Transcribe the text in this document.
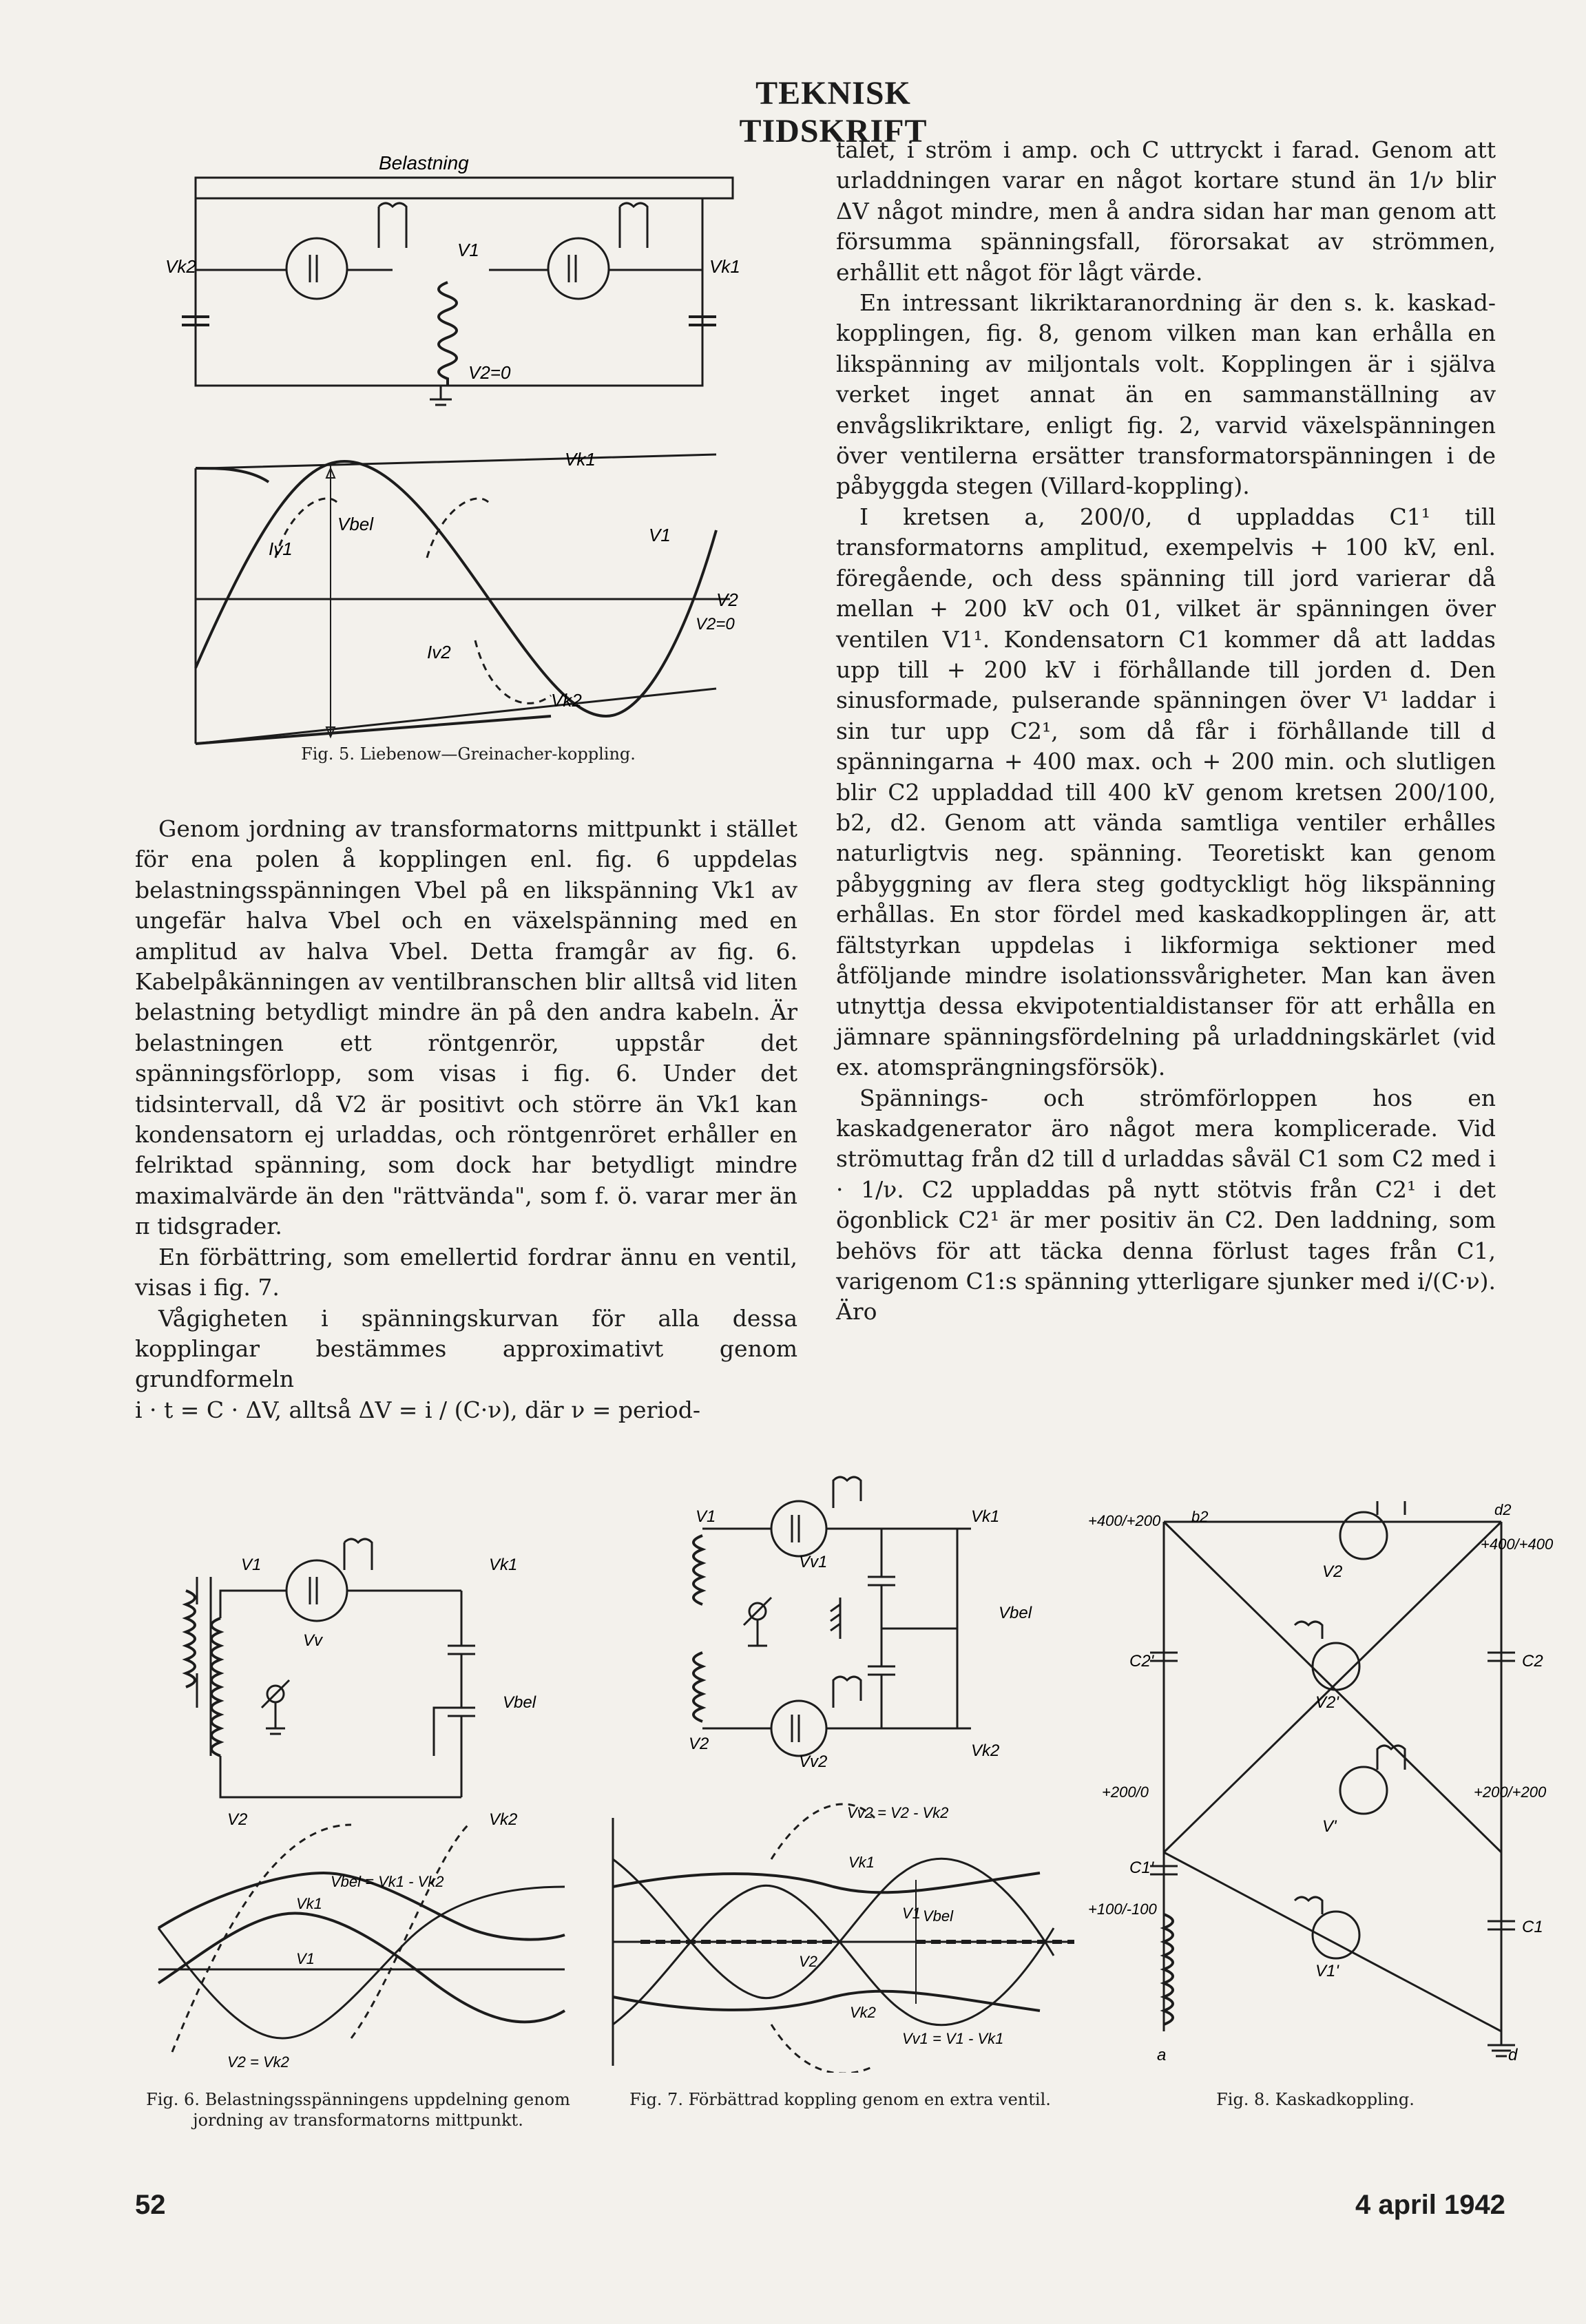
TEKNISK TIDSKRIFT
Belastning
Vk2	Vk1
V1
V2=0
Vbel
Iv1
Iv2
Vk2
Vk1
V1
V2
V2=0
Fig. 5. Liebenow—Greinacher-koppling.

Genom jordning av transformatorns mittpunkt i stället för ena polen å kopplingen enl. fig. 6 uppdelas belastningsspänningen Vbel på en likspänning Vk1 av ungefär halva Vbel och en växelspänning med en amplitud av halva Vbel. Detta framgår av fig. 6. Kabelpåkänningen av ventilbranschen blir alltså vid liten belastning betydligt mindre än på den andra kabeln. Är belastningen ett röntgenrör, uppstår det spänningsförlopp, som visas i fig. 6. Under det tidsintervall, då V2 är positivt och större än Vk1 kan kondensatorn ej urladdas, och röntgenröret erhåller en felriktad spänning, som dock har betydligt mindre maximalvärde än den "rättvända", som f. ö. varar mer än π tidsgrader.

En förbättring, som emellertid fordrar ännu en ventil, visas i fig. 7.

Vågigheten i spänningskurvan för alla dessa kopplingar bestämmes approximativt genom grundformeln

i · t = C · ΔV, alltså ΔV = i / (C·ν), där ν = period-

talet, i ström i amp. och C uttryckt i farad. Genom att urladdningen varar en något kortare stund än 1/ν blir ΔV något mindre, men å andra sidan har man genom att försumma spänningsfall, förorsakat av strömmen, erhållit ett något för lågt värde.

En intressant likriktaranordning är den s. k. kaskad-kopplingen, fig. 8, genom vilken man kan erhålla en likspänning av miljontals volt. Kopplingen är i själva verket inget annat än en sammanställning av envågslikriktare, enligt fig. 2, varvid växelspänningen över ventilerna ersätter transformatorspänningen i de påbyggda stegen (Villard-koppling).

I kretsen a, 200/0, d uppladdas C1¹ till transformatorns amplitud, exempelvis + 100 kV, enl. föregående, och dess spänning till jord varierar då mellan + 200 kV och 01, vilket är spänningen över ventilen V1¹. Kondensatorn C1 kommer då att laddas upp till + 200 kV i förhållande till jorden d. Den sinusformade, pulserande spänningen över V¹ laddar i sin tur upp C2¹, som då får i förhållande till d spänningarna + 400 max. och + 200 min. och slutligen blir C2 uppladdad till 400 kV genom kretsen 200/100, b2, d2. Genom att vända samtliga ventiler erhålles naturligtvis neg. spänning. Teoretiskt kan genom påbyggning av flera steg godtyckligt hög likspänning erhållas. En stor fördel med kaskadkopplingen är, att fältstyrkan uppdelas i likformiga sektioner med åtföljande mindre isolationssvårigheter. Man kan även utnyttja dessa ekvipotentialdistanser för att erhålla en jämnare spänningsfördelning på urladdningskärlet (vid ex. atomsprängningsförsök).

Spännings- och strömförloppen hos en kaskadgenerator äro något mera komplicerade. Vid strömuttag från d2 till d urladdas såväl C1 som C2 med i · 1/ν. C2 uppladdas på nytt stötvis från C2¹ i det ögonblick C2¹ är mer positiv än C2. Den laddning, som behövs för att täcka denna förlust tages från C1, varigenom C1:s spänning ytterligare sjunker med i/(C·ν). Äro

V1
Vv
Vk1
Vbel
V2	Vk2
Vbel = Vk1 - Vk2
Vk1
V1
V2 = Vk2
Fig. 6. Belastningsspänningens uppdelning genom jordning av transformatorns mittpunkt.
V1	Vk1
Vv1
Vbel
V2
Vv2
Vk2
Vv2 = V2 - Vk2
Vk1
V1 Vbel
V2
Vk2
Vv1 = V1 - Vk1
Fig. 7. Förbättrad koppling genom en extra ventil.
+400/+200 b2	d2
+400/+400
C2'	C2
V2
V2'
+200/0	+200/+200
V'
C1'
+100/-100
C1
V1'
a	d
Fig. 8. Kaskadkoppling.
52	4 april 1942
